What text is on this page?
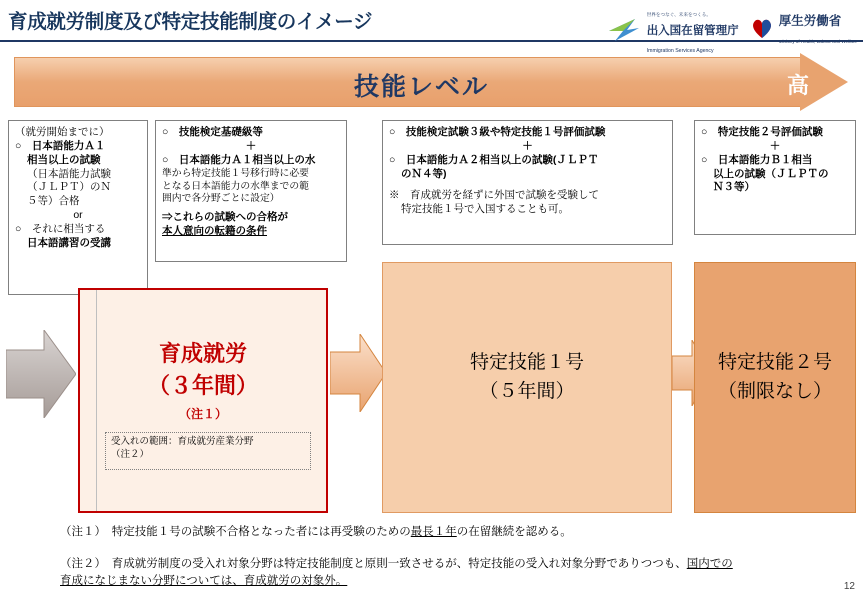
育成就労制度及び特定技能制度のイメージ	世界をつなぐ、未来をつくる。
出入国在留管理庁
Immigration Services Agency
厚生労働省
Ministry of Health, Labour and Welfare
技能レベル	高
（就労開始までに）
○　日本語能力Ａ１
相当以上の試験
（日本語能力試験
（ＪＬＰＴ）のＮ
５等）合格
or
○　それに相当する
日本語講習の受講
○　技能検定基礎級等
＋
○　日本語能力Ａ１相当以上の水
準から特定技能１号移行時に必要
となる日本語能力の水準までの範
囲内で各分野ごとに設定）
⇒これらの試験への合格が
本人意向の転籍の条件
○　技能検定試験３級や特定技能１号評価試験
＋
○　日本語能力Ａ２相当以上の試験(ＪＬＰＴ
のＮ４等)
※　育成就労を経ずに外国で試験を受験して
特定技能１号で入国することも可。
○　特定技能２号評価試験
＋
○　日本語能力Ｂ１相当
以上の試験（ＪＬＰＴの
Ｎ３等）
育成就労
（３年間）
（注１）
受入れの範囲：育成就労産業分野
（注２）
特定技能１号
（５年間）
特定技能２号
（制限なし）
（注１）　 特定技能１号の試験不合格となった者には再受験のための最長１年の在留継続を認める。
（注２）　 育成就労制度の受入れ対象分野は特定技能制度と原則一致させるが、特定技能の受入れ対象分野でありつつも、国内での
育成になじまない分野については、育成就労の対象外。	12
